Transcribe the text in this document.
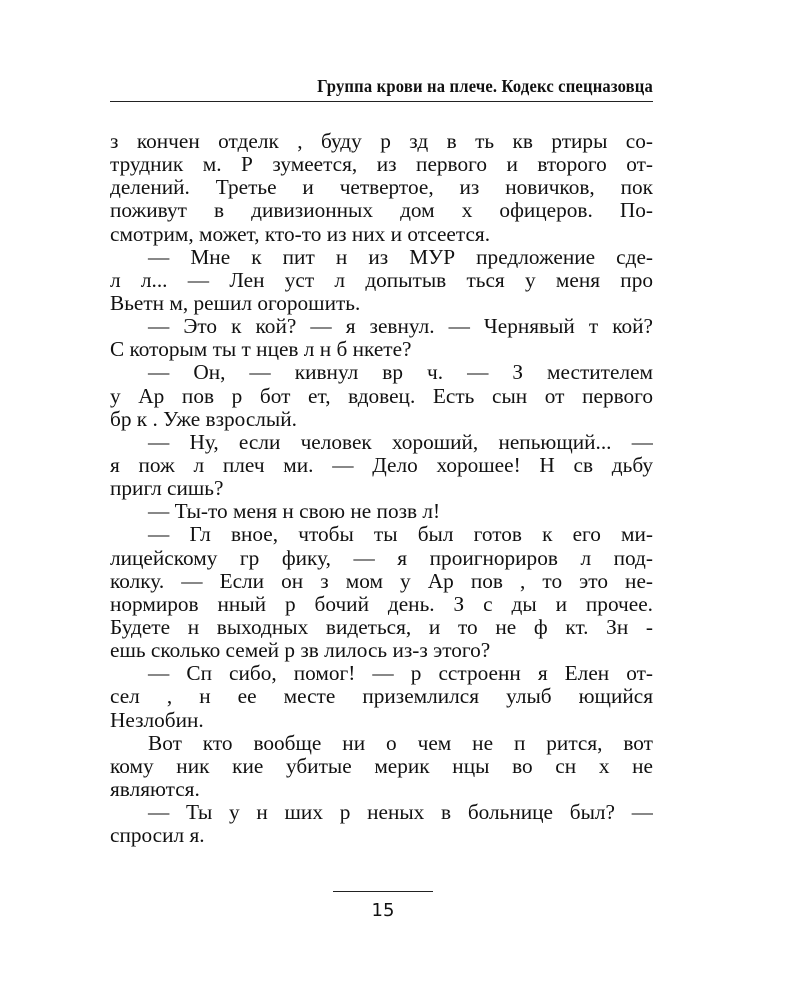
Группа крови на плече. Кодекс спецназовца
з кончен отделк , буду р зд в ть кв ртиры со-
трудник м. Р зумеется, из первого и второго от-
делений. Третье и четвертое, из новичков, пок
поживут в дивизионных дом х офицеров. По-
смотрим, может, кто-то из них и отсеется.
— Мне к пит н из МУР предложение сде-
л л... — Лен уст л допытыв ться у меня про
Вьетн м, решил огорошить.
— Это к кой? — я зевнул. — Чернявый т кой?
С которым ты т нцев л н б нкете?
— Он, — кивнул вр ч. — З местителем
у Ар пов р бот ет, вдовец. Есть сын от первого
бр к . Уже взрослый.
— Ну, если человек хороший, непьющий... —
я пож л плеч ми. — Дело хорошее! Н св дьбу
пригл сишь?
— Ты-то меня н свою не позв л!
— Гл вное, чтобы ты был готов к его ми-
лицейскому гр фику, — я проигнориров л под-
колку. — Если он з мом у Ар пов , то это не-
нормиров нный р бочий день. З с ды и прочее.
Будете н выходных видеться, и то не ф кт. Зн -
ешь сколько семей р зв лилось из-з этого?
— Сп сибо, помог! — р сстроенн я Елен от-
сел , н ее месте приземлился улыб ющийся
Незлобин.
Вот кто вообще ни о чем не п рится, вот
кому ник кие убитые мерик нцы во сн х не
являются.
— Ты у н ших р неных в больнице был? —
спросил я.
15
